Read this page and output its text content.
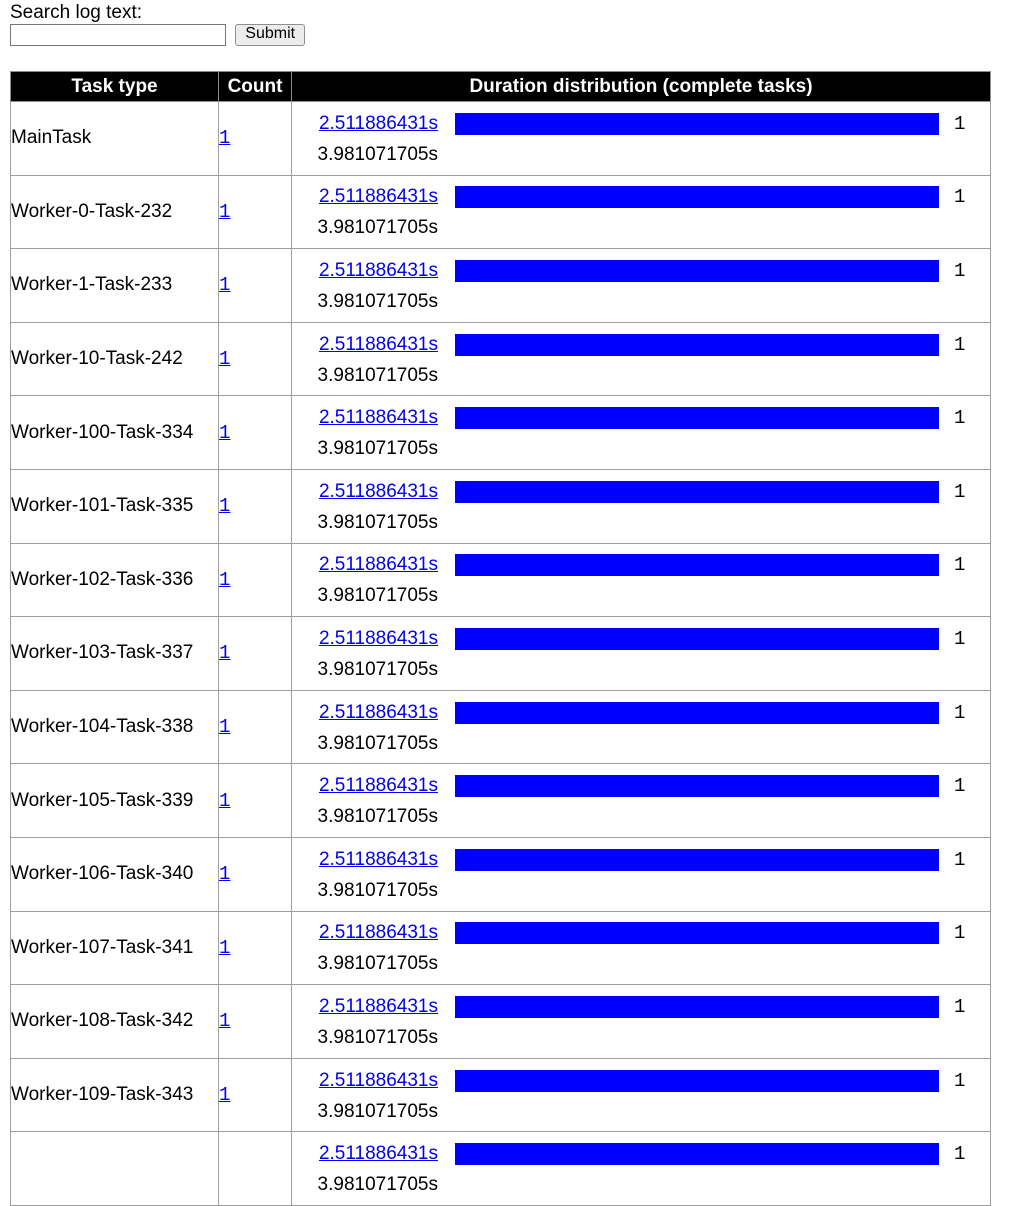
Search log text:
Submit
Task type	Count	Duration distribution (complete tasks)
MainTask	1	2.511886431s
1
3.981071705s

Worker-0-Task-232	1	2.511886431s
1
3.981071705s

Worker-1-Task-233	1	2.511886431s
1
3.981071705s

Worker-10-Task-242	1	2.511886431s
1
3.981071705s

Worker-100-Task-334	1	2.511886431s
1
3.981071705s

Worker-101-Task-335	1	2.511886431s
1
3.981071705s

Worker-102-Task-336	1	2.511886431s
1
3.981071705s

Worker-103-Task-337	1	2.511886431s
1
3.981071705s

Worker-104-Task-338	1	2.511886431s
1
3.981071705s

Worker-105-Task-339	1	2.511886431s
1
3.981071705s

Worker-106-Task-340	1	2.511886431s
1
3.981071705s

Worker-107-Task-341	1	2.511886431s
1
3.981071705s

Worker-108-Task-342	1	2.511886431s
1
3.981071705s

Worker-109-Task-343	1	2.511886431s
1
3.981071705s

		2.511886431s
1
3.981071705s
